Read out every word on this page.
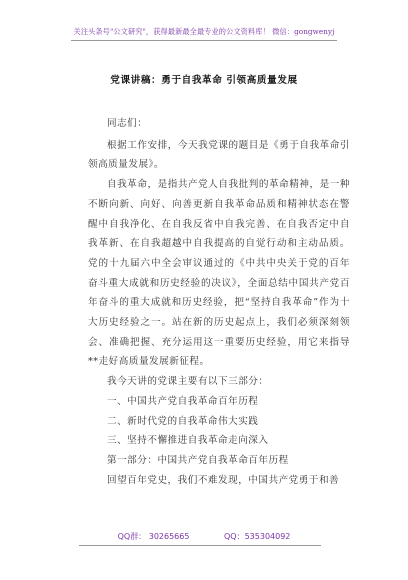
关注头条号"公文研究"，获得最新最全最专业的公文资料库！ 微信：gongwenyj
党课讲稿：勇于自我革命 引领高质量发展

同志们：

根据工作安排，今天我党课的题目是《勇于自我革命引领高质量发展》。

自我革命，是指共产党人自我批判的革命精神，是一种不断向新、向好、向善更新自我革命品质和精神状态在警醒中自我净化、在自我反省中自我完善、在自我否定中自我革新、在自我超越中自我提高的自觉行动和主动品质。党的十九届六中全会审议通过的《中共中央关于党的百年奋斗重大成就和历史经验的决议》，全面总结中国共产党百年奋斗的重大成就和历史经验，把“坚持自我革命”作为十大历史经验之一。站在新的历史起点上，我们必须深刻领会、准确把握、充分运用这一重要历史经验，用它来指导**走好高质量发展新征程。

我今天讲的党课主要有以下三部分：

一、中国共产党自我革命百年历程

二、新时代党的自我革命伟大实践

三、坚持不懈推进自我革命走向深入

第一部分：中国共产党自我革命百年历程

回望百年党史，我们不难发现，中国共产党勇于和善

QQ群： 30265665	QQ：535304092
